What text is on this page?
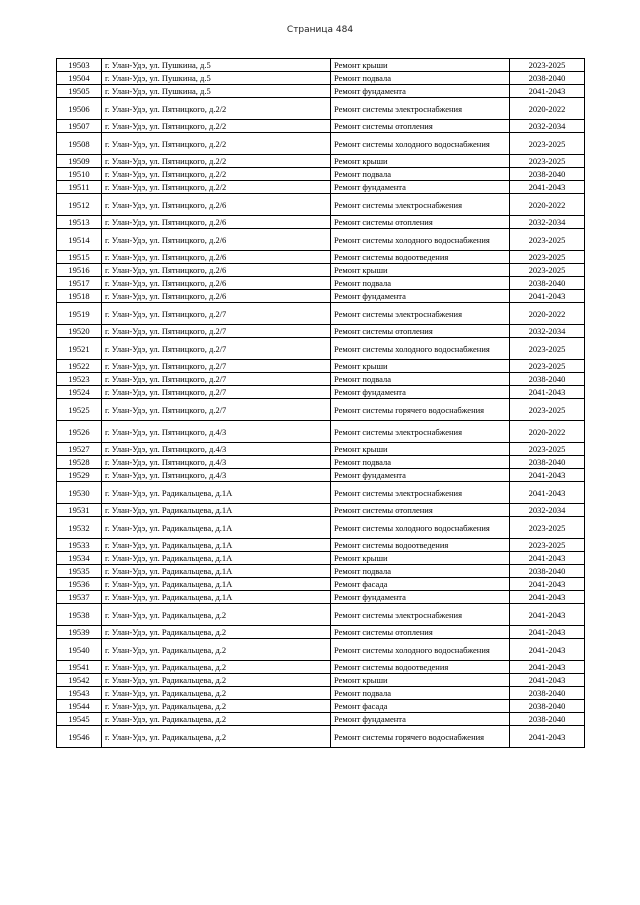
Страница 484
19503	г. Улан-Удэ, ул. Пушкина, д.5	Ремонт крыши	2023-2025
19504	г. Улан-Удэ, ул. Пушкина, д.5	Ремонт подвала	2038-2040
19505	г. Улан-Удэ, ул. Пушкина, д.5	Ремонт фундамента	2041-2043
19506	г. Улан-Удэ, ул. Пятницкого, д.2/2	Ремонт системы электроснабжения	2020-2022
19507	г. Улан-Удэ, ул. Пятницкого, д.2/2	Ремонт системы отопления	2032-2034
19508	г. Улан-Удэ, ул. Пятницкого, д.2/2	Ремонт системы холодного водоснабжения	2023-2025
19509	г. Улан-Удэ, ул. Пятницкого, д.2/2	Ремонт крыши	2023-2025
19510	г. Улан-Удэ, ул. Пятницкого, д.2/2	Ремонт подвала	2038-2040
19511	г. Улан-Удэ, ул. Пятницкого, д.2/2	Ремонт фундамента	2041-2043
19512	г. Улан-Удэ, ул. Пятницкого, д.2/6	Ремонт системы электроснабжения	2020-2022
19513	г. Улан-Удэ, ул. Пятницкого, д.2/6	Ремонт системы отопления	2032-2034
19514	г. Улан-Удэ, ул. Пятницкого, д.2/6	Ремонт системы холодного водоснабжения	2023-2025
19515	г. Улан-Удэ, ул. Пятницкого, д.2/6	Ремонт системы водоотведения	2023-2025
19516	г. Улан-Удэ, ул. Пятницкого, д.2/6	Ремонт крыши	2023-2025
19517	г. Улан-Удэ, ул. Пятницкого, д.2/6	Ремонт подвала	2038-2040
19518	г. Улан-Удэ, ул. Пятницкого, д.2/6	Ремонт фундамента	2041-2043
19519	г. Улан-Удэ, ул. Пятницкого, д.2/7	Ремонт системы электроснабжения	2020-2022
19520	г. Улан-Удэ, ул. Пятницкого, д.2/7	Ремонт системы отопления	2032-2034
19521	г. Улан-Удэ, ул. Пятницкого, д.2/7	Ремонт системы холодного водоснабжения	2023-2025
19522	г. Улан-Удэ, ул. Пятницкого, д.2/7	Ремонт крыши	2023-2025
19523	г. Улан-Удэ, ул. Пятницкого, д.2/7	Ремонт подвала	2038-2040
19524	г. Улан-Удэ, ул. Пятницкого, д.2/7	Ремонт фундамента	2041-2043
19525	г. Улан-Удэ, ул. Пятницкого, д.2/7	Ремонт системы горячего водоснабжения	2023-2025
19526	г. Улан-Удэ, ул. Пятницкого, д.4/3	Ремонт системы электроснабжения	2020-2022
19527	г. Улан-Удэ, ул. Пятницкого, д.4/3	Ремонт крыши	2023-2025
19528	г. Улан-Удэ, ул. Пятницкого, д.4/3	Ремонт подвала	2038-2040
19529	г. Улан-Удэ, ул. Пятницкого, д.4/3	Ремонт фундамента	2041-2043
19530	г. Улан-Удэ, ул. Радикальцева, д.1А	Ремонт системы электроснабжения	2041-2043
19531	г. Улан-Удэ, ул. Радикальцева, д.1А	Ремонт системы отопления	2032-2034
19532	г. Улан-Удэ, ул. Радикальцева, д.1А	Ремонт системы холодного водоснабжения	2023-2025
19533	г. Улан-Удэ, ул. Радикальцева, д.1А	Ремонт системы водоотведения	2023-2025
19534	г. Улан-Удэ, ул. Радикальцева, д.1А	Ремонт крыши	2041-2043
19535	г. Улан-Удэ, ул. Радикальцева, д.1А	Ремонт подвала	2038-2040
19536	г. Улан-Удэ, ул. Радикальцева, д.1А	Ремонт фасада	2041-2043
19537	г. Улан-Удэ, ул. Радикальцева, д.1А	Ремонт фундамента	2041-2043
19538	г. Улан-Удэ, ул. Радикальцева, д.2	Ремонт системы электроснабжения	2041-2043
19539	г. Улан-Удэ, ул. Радикальцева, д.2	Ремонт системы отопления	2041-2043
19540	г. Улан-Удэ, ул. Радикальцева, д.2	Ремонт системы холодного водоснабжения	2041-2043
19541	г. Улан-Удэ, ул. Радикальцева, д.2	Ремонт системы водоотведения	2041-2043
19542	г. Улан-Удэ, ул. Радикальцева, д.2	Ремонт крыши	2041-2043
19543	г. Улан-Удэ, ул. Радикальцева, д.2	Ремонт подвала	2038-2040
19544	г. Улан-Удэ, ул. Радикальцева, д.2	Ремонт фасада	2038-2040
19545	г. Улан-Удэ, ул. Радикальцева, д.2	Ремонт фундамента	2038-2040
19546	г. Улан-Удэ, ул. Радикальцева, д.2	Ремонт системы горячего водоснабжения	2041-2043
